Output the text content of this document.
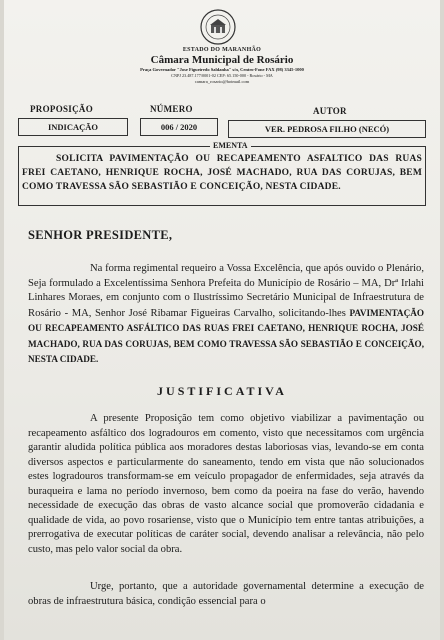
ESTADO DO MARANHÃO
Câmara Municipal de Rosário
Praça Governador "Jose Figueiredo Saldanha" s/n, Centro-Fone FAX (98) 3345-1000
CNPJ 23.487.177/0001-02 CEP: 65.150-000 - Rosário - MA
camara_rosario@hotmail.com
PROPOSIÇÃO
INDICAÇÃO
NÚMERO
006 / 2020
AUTOR
VER. PEDROSA FILHO (NECÓ)
EMENTA
SOLICITA PAVIMENTAÇÃO OU RECAPEAMENTO ASFALTICO DAS RUAS FREI CAETANO, HENRIQUE ROCHA, JOSÉ MACHADO, RUA DAS CORUJAS, BEM COMO TRAVESSA SÃO SEBASTIÃO E CONCEIÇÃO, NESTA CIDADE.
SENHOR PRESIDENTE,
Na forma regimental requeiro a Vossa Excelência, que após ouvido o Plenário, Seja formulado a Excelentíssima Senhora Prefeita do Município de Rosário – MA, Drª Irlahi Linhares Moraes, em conjunto com o Ilustríssimo Secretário Municipal de Infraestrutura de Rosário - MA, Senhor José Ribamar Figueiras Carvalho, solicitando-lhes PAVIMENTAÇÃO OU RECAPEAMENTO ASFÁLTICO DAS RUAS FREI CAETANO, HENRIQUE ROCHA, JOSÉ MACHADO, RUA DAS CORUJAS, BEM COMO TRAVESSA SÃO SEBASTIÃO E CONCEIÇÃO, NESTA CIDADE.
JUSTIFICATIVA
A presente Proposição tem como objetivo viabilizar a pavimentação ou recapeamento asfáltico dos logradouros em comento, visto que necessitamos com urgência garantir aludida política pública aos moradores destas laboriosas vias, levando-se em conta diversos aspectos e particularmente do saneamento, tendo em vista que não solucionados estes logradouros transformam-se em veículo propagador de enfermidades, seja através da buraqueira e lama no período invernoso, bem como da poeira na fase do verão, havendo necessidade de execução das obras de vasto alcance social que promoverão cidadania e qualidade de vida, ao povo rosariense, visto que o Município tem entre tantas atribuições, a prerrogativa de executar políticas de caráter social, devendo analisar a relevância, não pelo custo, mas pelo valor social da obra.
Urge, portanto, que a autoridade governamental determine a execução de obras de infraestrutura básica, condição essencial para o
